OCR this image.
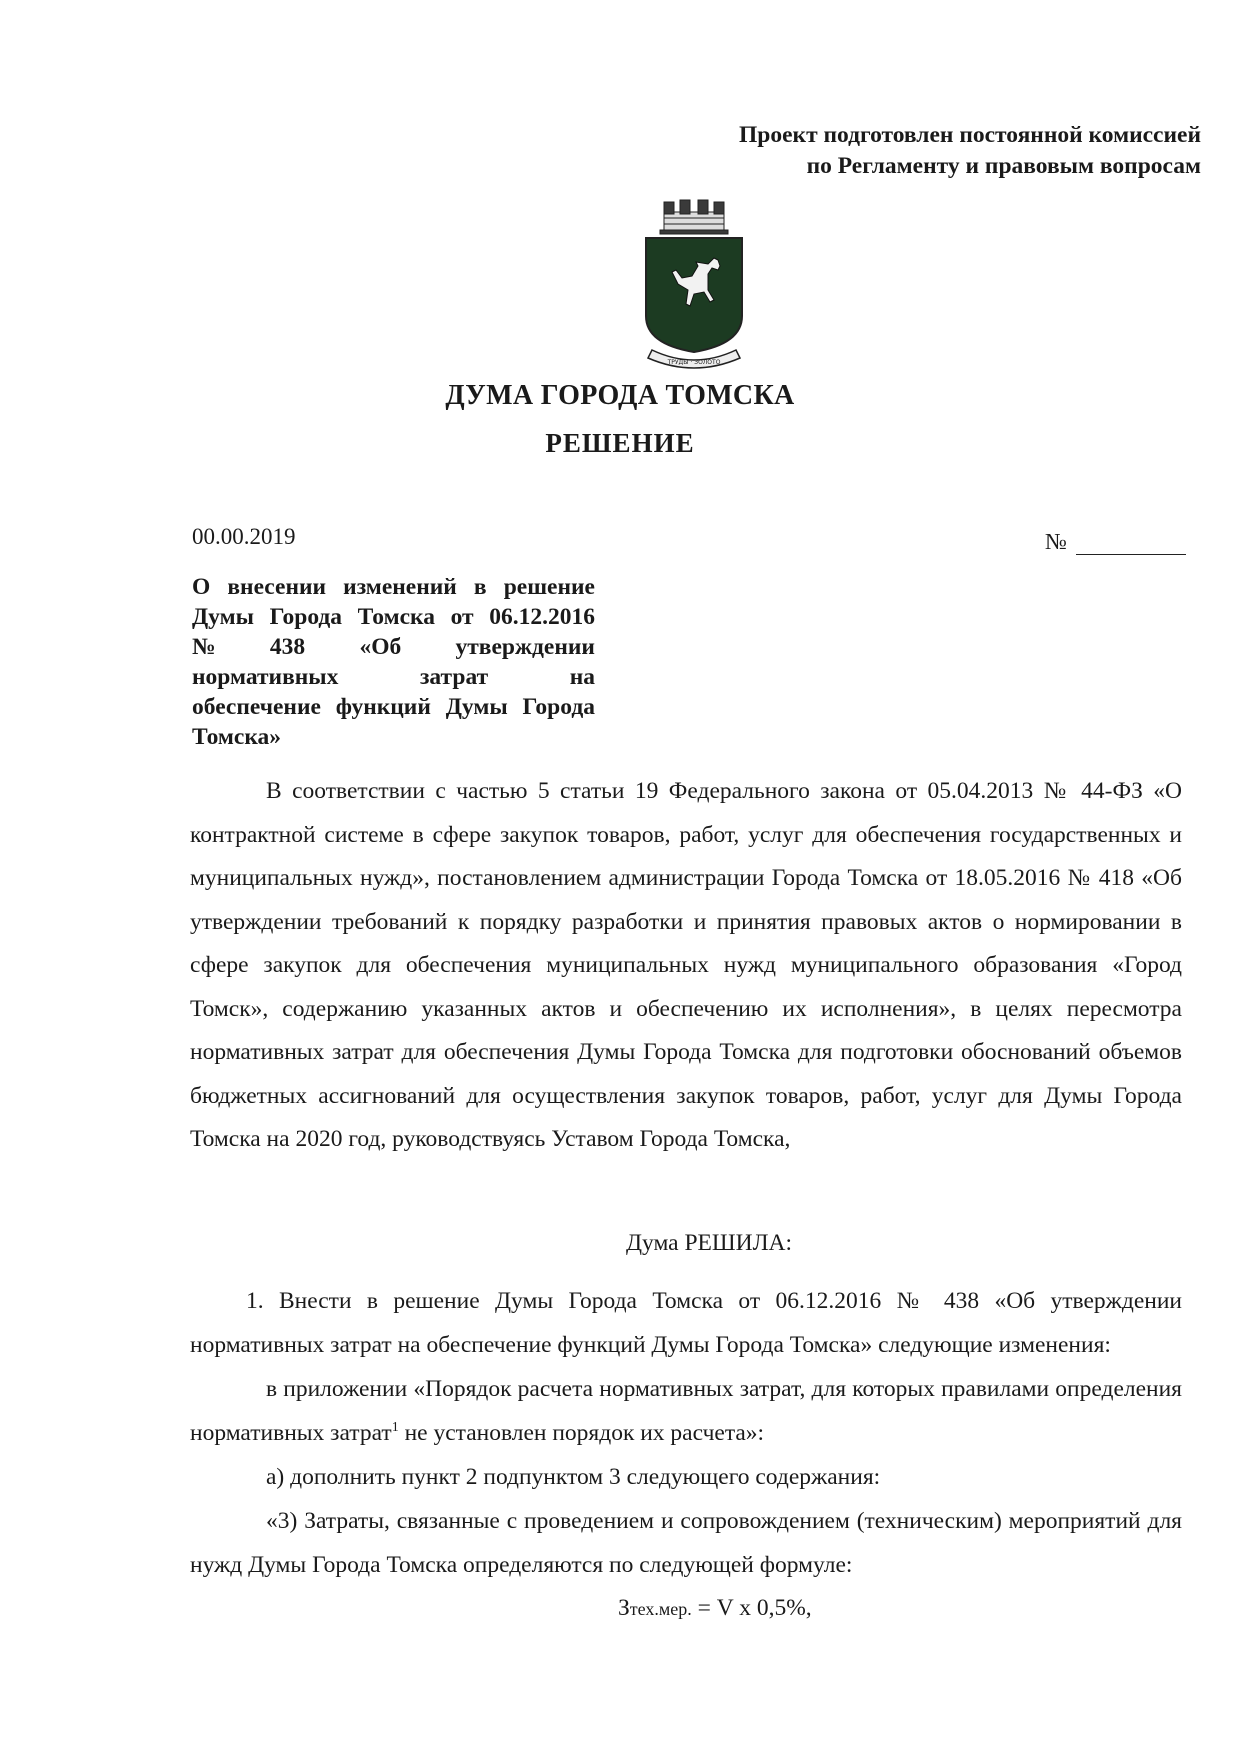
Проект подготовлен постоянной комиссией
по Регламенту и правовым вопросам
ТРУДЫ · ЗОЛОТО
ДУМА ГОРОДА ТОМСКА
РЕШЕНИЕ
00.00.2019	№
О внесении изменений в решение
Думы Города Томска от 06.12.2016
№ 438 «Об утверждении
нормативных	затрат	на
обеспечение функций Думы Города
Томска»
В соответствии с частью 5 статьи 19 Федерального закона от 05.04.2013 № 44-ФЗ «О контрактной системе в сфере закупок товаров, работ, услуг для обеспечения государственных и муниципальных нужд», постановлением администрации Города Томска от 18.05.2016 № 418 «Об утверждении требований к порядку разработки и принятия правовых актов о нормировании в сфере закупок для обеспечения муниципальных нужд муниципального образования «Город Томск», содержанию указанных актов и обеспечению их исполнения», в целях пересмотра нормативных затрат для обеспечения Думы Города Томска для подготовки обоснований объемов бюджетных ассигнований для осуществления закупок товаров, работ, услуг для Думы Города Томска на 2020 год, руководствуясь Уставом Города Томска,
Дума РЕШИЛА:

1. Внести в решение Думы Города Томска от 06.12.2016 № 438 «Об утверждении нормативных затрат на обеспечение функций Думы Города Томска» следующие изменения:

в приложении «Порядок расчета нормативных затрат, для которых правилами определения нормативных затрат$^1$ не установлен порядок их расчета»:

а) дополнить пункт 2 подпунктом 3 следующего содержания:

«3) Затраты, связанные с проведением и сопровождением (техническим) мероприятий для нужд Думы Города Томска определяются по следующей формуле:

Зтех.мер. = V х 0,5%,
